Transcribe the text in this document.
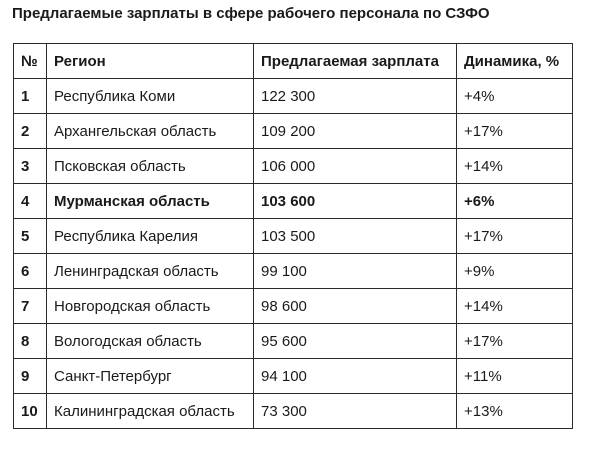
Предлагаемые зарплаты в сфере рабочего персонала по СЗФО
№	Регион	Предлагаемая зарплата	Динамика, %
1	Республика Коми	122 300	+4%
2	Архангельская область	109 200	+17%
3	Псковская область	106 000	+14%
4	Мурманская область	103 600	+6%
5	Республика Карелия	103 500	+17%
6	Ленинградская область	99 100	+9%
7	Новгородская область	98 600	+14%
8	Вологодская область	95 600	+17%
9	Санкт-Петербург	94 100	+11%
10	Калининградская область	73 300	+13%
